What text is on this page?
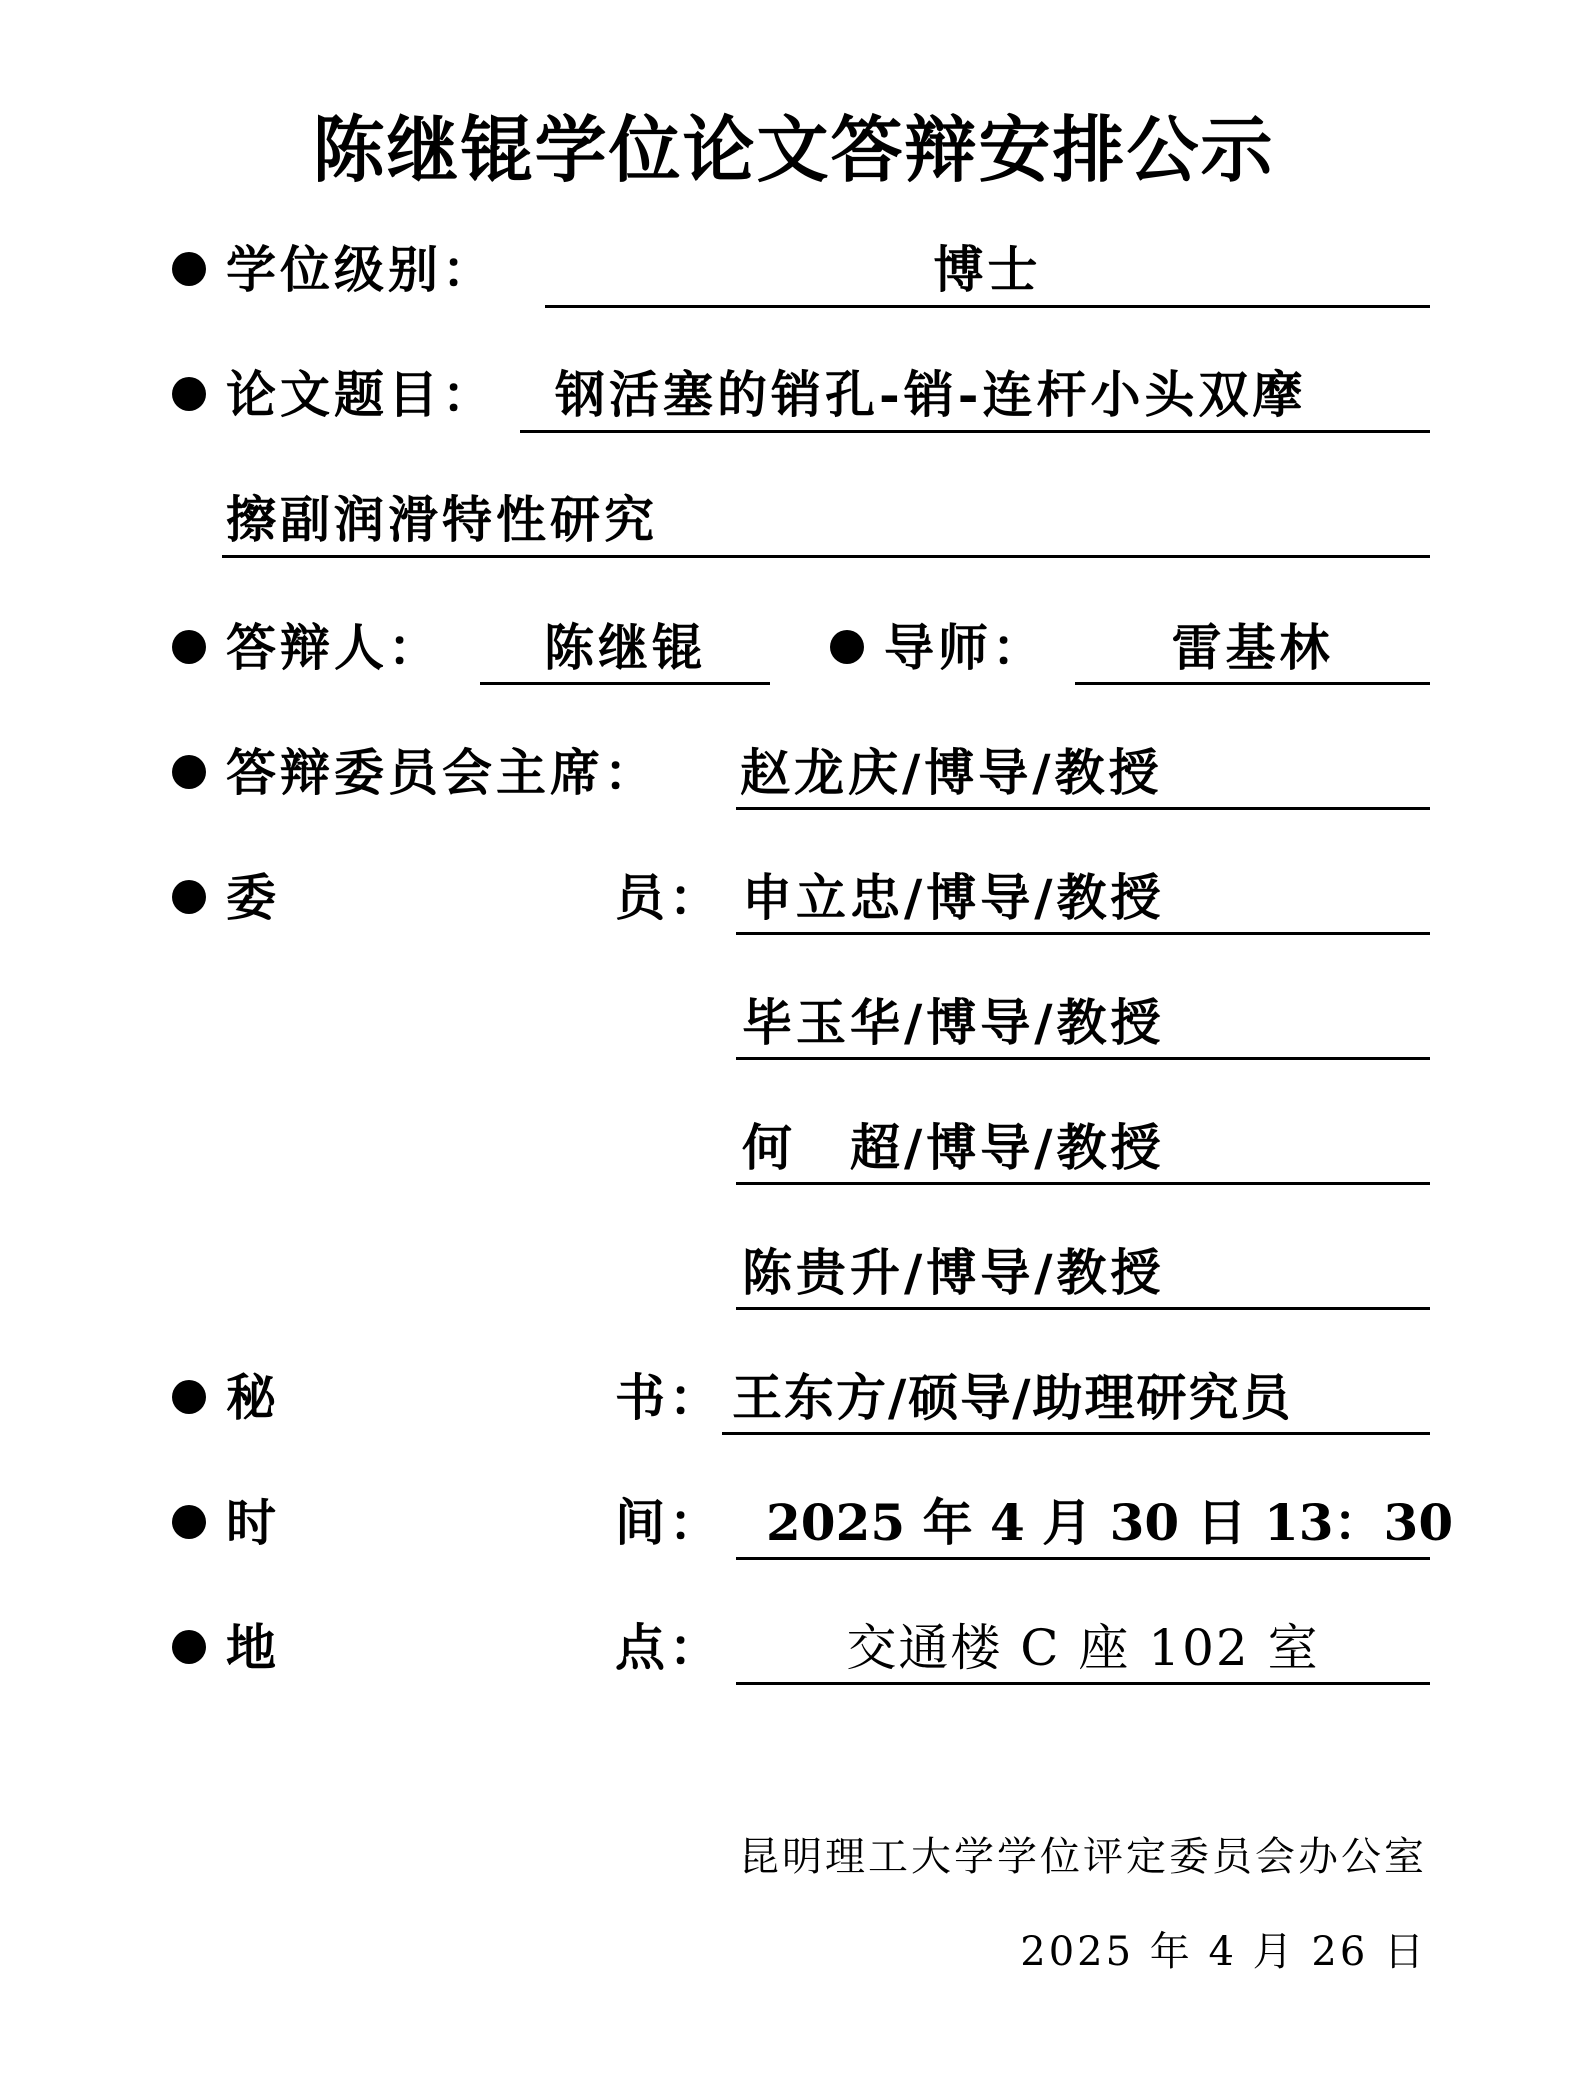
陈继锟学位论文答辩安排公示
学位级别：	博士
论文题目： 钢活塞的销孔-销-连杆小头双摩
擦副润滑特性研究
答辩人：	陈继锟	导师：	雷基林
答辩委员会主席： 赵龙庆/博导/教授
委	员： 申立忠/博导/教授
毕玉华/博导/教授
何　超/博导/教授
陈贵升/博导/教授
秘	书： 王东方/硕导/助理研究员
时	间： 2025 年 4 月 30 日 13：30
地	点：	交通楼 C 座 102 室
昆明理工大学学位评定委员会办公室
2025 年 4 月 26 日
